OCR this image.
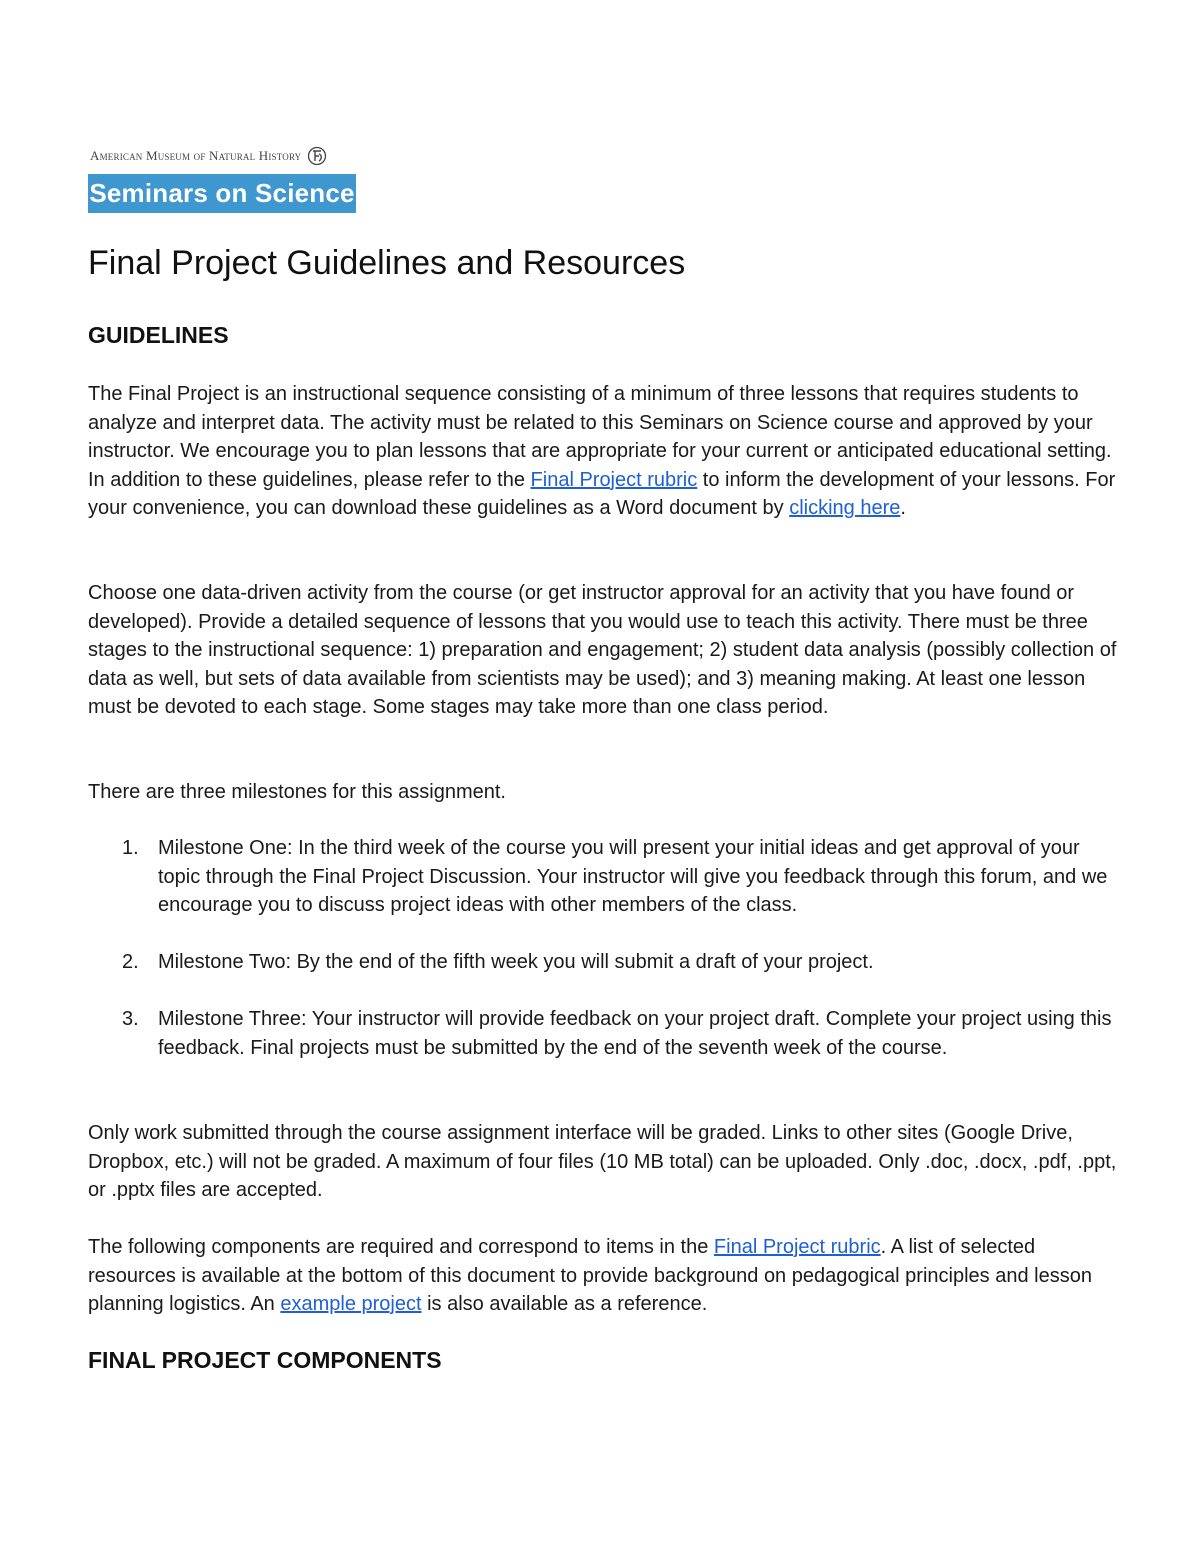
American Museum of Natural History
Seminars on Science
Final Project Guidelines and Resources
GUIDELINES

The Final Project is an instructional sequence consisting of a minimum of three lessons that requires students to analyze and interpret data. The activity must be related to this Seminars on Science course and approved by your instructor. We encourage you to plan lessons that are appropriate for your current or anticipated educational setting. In addition to these guidelines, please refer to the Final Project rubric to inform the development of your lessons. For your convenience, you can download these guidelines as a Word document by clicking here.

Choose one data-driven activity from the course (or get instructor approval for an activity that you have found or developed). Provide a detailed sequence of lessons that you would use to teach this activity. There must be three stages to the instructional sequence: 1) preparation and engagement; 2) student data analysis (possibly collection of data as well, but sets of data available from scientists may be used); and 3) meaning making. At least one lesson must be devoted to each stage. Some stages may take more than one class period.

There are three milestones for this assignment.

1. Milestone One: In the third week of the course you will present your initial ideas and get approval of your topic through the Final Project Discussion. Your instructor will give you feedback through this forum, and we encourage you to discuss project ideas with other members of the class.
2. Milestone Two: By the end of the fifth week you will submit a draft of your project.
3. Milestone Three: Your instructor will provide feedback on your project draft. Complete your project using this feedback. Final projects must be submitted by the end of the seventh week of the course.

Only work submitted through the course assignment interface will be graded. Links to other sites (Google Drive, Dropbox, etc.) will not be graded. A maximum of four files (10 MB total) can be uploaded. Only .doc, .docx, .pdf, .ppt, or .pptx files are accepted.

The following components are required and correspond to items in the Final Project rubric. A list of selected resources is available at the bottom of this document to provide background on pedagogical principles and lesson planning logistics. An example project is also available as a reference.

FINAL PROJECT COMPONENTS
